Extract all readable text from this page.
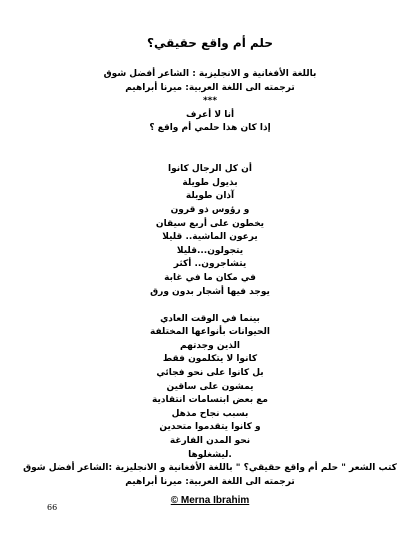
حلم أم واقع حقيقي؟
باللغة الأفغانية و الانجليزية : الشاعر أفضل شوق
ترجمته الى اللغة العربية: ميرنا أبراهيم
***
أنا لا أعرف
إذا كان هذا حلمي أم واقع ؟
أن كل الرجال كانوا
بذيول طويلة
آذان طويلة
و رؤوس ذو قرون
يخطون على أربع سيقان
يرعون الماشية.. قليلا
يتجولون...قليلا
يتشاجرون.. أكثر
في مكان ما في غابة
يوجد فيها أشجار بدون ورق
بينما في الوقت العادي
الحيوانات بأنواعها المختلفة
الذين وجدتهم
كانوا لا يتكلمون فقط
بل كانوا على نحو فجائي
يمشون على ساقين
مع بعض ابتسامات انتقادية
بسبب نجاح مذهل
و كانوا يتقدموا متحدين
نحو المدن الفارغة
.ليشغلوها
كتب الشعر " حلم أم واقع حقيقي؟ " باللغة الأفغانية و الانجليزية :الشاعر أفضل شوق
ترجمته الى اللغة العربية: ميرنا أبراهيم
© Merna Ibrahim
66
